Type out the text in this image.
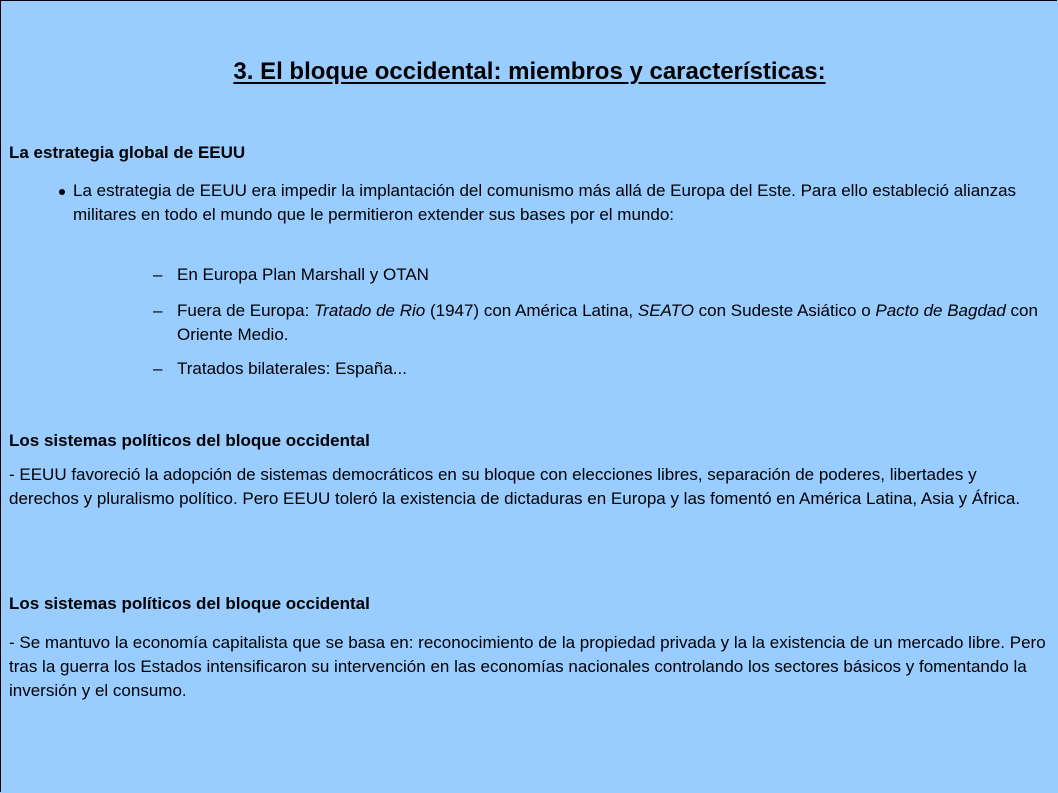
3. El bloque occidental: miembros y características:
La estrategia global de EEUU
La estrategia de EEUU era impedir la implantación del comunismo más allá de Europa del Este. Para ello estableció alianzas militares en todo el mundo que le permitieron extender sus bases por el mundo:
– En Europa Plan Marshall y OTAN
– Fuera de Europa: Tratado de Rio (1947) con América Latina, SEATO con Sudeste Asiático o Pacto de Bagdad con Oriente Medio.
– Tratados bilaterales: España...
Los sistemas políticos del bloque occidental
- EEUU favoreció la adopción de sistemas democráticos en su bloque con elecciones libres, separación de poderes, libertades y derechos y pluralismo político. Pero EEUU toleró la existencia de dictaduras en Europa y las fomentó en América Latina, Asia y África.
Los sistemas políticos del bloque occidental
- Se mantuvo la economía capitalista que se basa en: reconocimiento de la propiedad privada y la la existencia de un mercado libre. Pero tras la guerra los Estados intensificaron su intervención en las economías nacionales controlando los sectores básicos y fomentando la inversión y el consumo.
